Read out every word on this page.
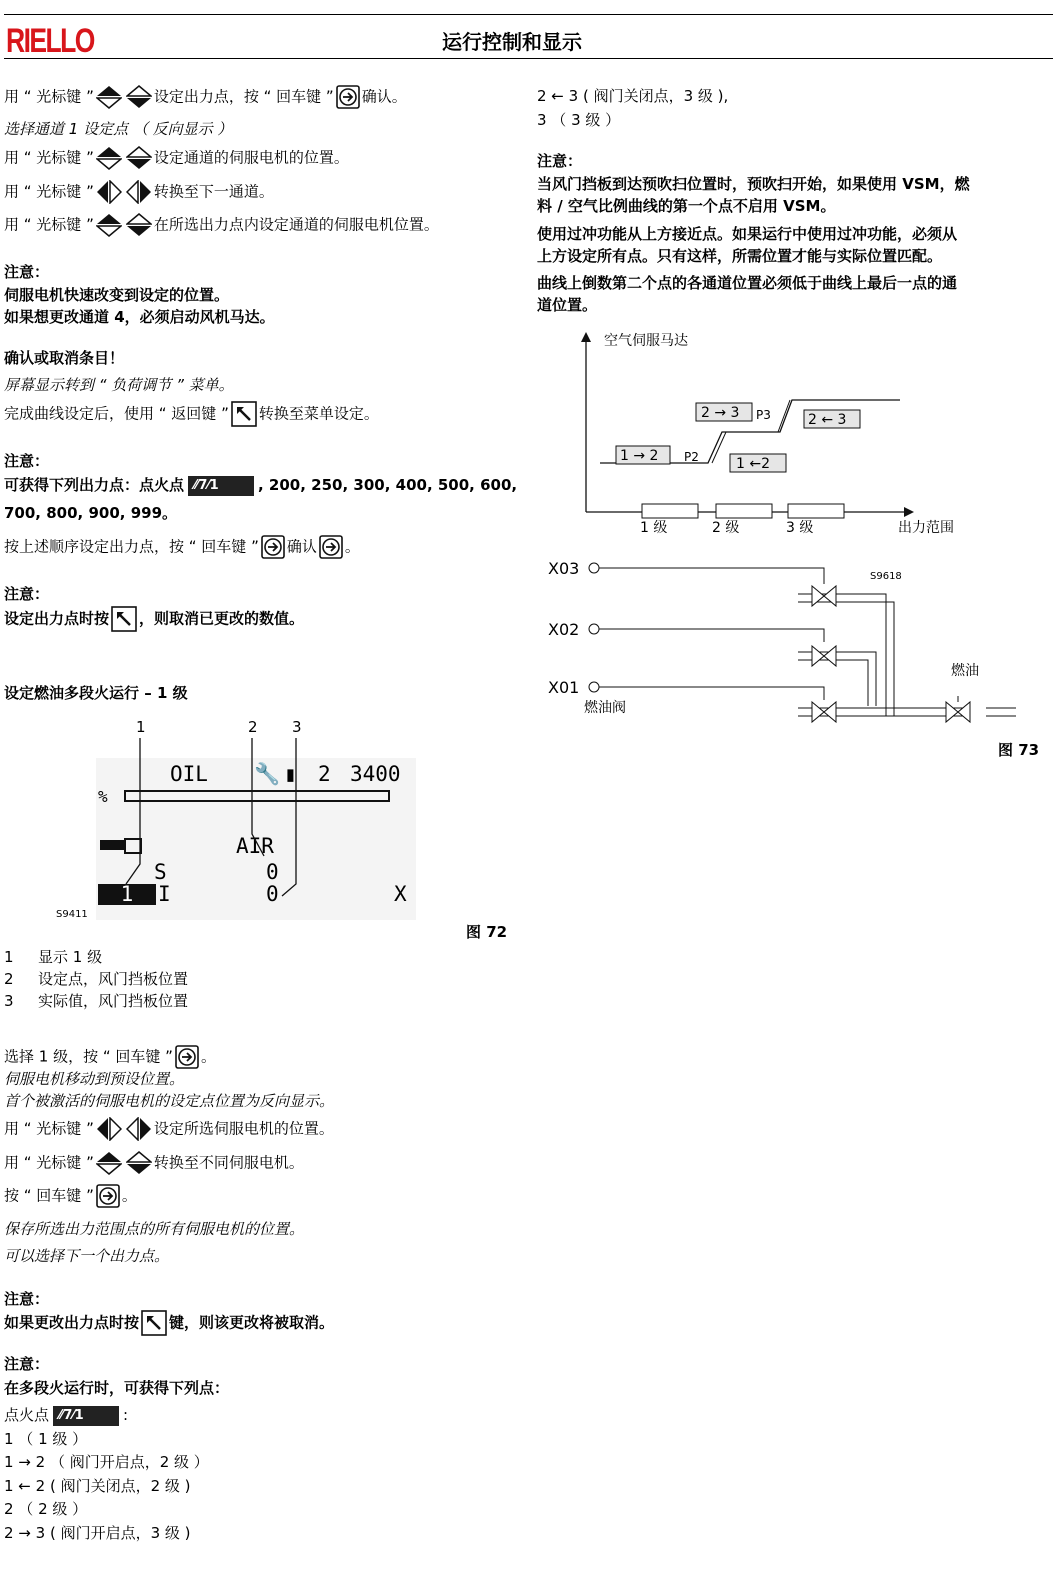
RIELLO	运行控制和显示
用 “ 光标键 ”	设定出力点，按 “ 回车键 ” 确认。
选择通道 1 设定点 （ 反向显示 ）
用 “ 光标键 ”	设定通道的伺服电机的位置。
用 “ 光标键 ”	转换至下一通道。
用 “ 光标键 ”	在所选出力点内设定通道的伺服电机位置。
注意：
伺服电机快速改变到设定的位置。
如果想更改通道 4，必须启动风机马达。
确认或取消条目！
屏幕显示转到 “ 负荷调节 ” 菜单。
完成曲线设定后，使用 “ 返回键 ” 转换至菜单设定。
注意：
可获得下列出力点：点火点 ⁄⁄7⁄1	, 200, 250, 300, 400, 500, 600,
700, 800, 900, 999。
按上述顺序设定出力点，按 “ 回车键 ” 确认 。
注意：
设定出力点时按 ，则取消已更改的数值。
设定燃油多段火运行 – 1 级
1	2 3
OIL 🔧 ▮ 2 3400
%
AIR
S	0
1	I	0	X
S9411
图 72
1 显示 1 级
2 设定点，风门挡板位置
3 实际值，风门挡板位置
选择 1 级，按 “ 回车键 ” 。
伺服电机移动到预设位置。
首个被激活的伺服电机的设定点位置为反向显示。
用 “ 光标键 ”	设定所选伺服电机的位置。
用 “ 光标键 ”	转换至不同伺服电机。
按 “ 回车键 ” 。
保存所选出力范围点的所有伺服电机的位置。
可以选择下一个出力点。
注意：
如果更改出力点时按 键，则该更改将被取消。
注意：
在多段火运行时，可获得下列点：
点火点 ⁄⁄7⁄1	:
1 （ 1 级 ）
1 → 2 （ 阀门开启点，2 级 ）
1 ← 2 ( 阀门关闭点，2 级 )
2 （ 2 级 ）
2 → 3 ( 阀门开启点，3 级 )
2 ← 3 ( 阀门关闭点，3 级 ),
3 （ 3 级 ）
注意：
当风门挡板到达预吹扫位置时，预吹扫开始，如果使用 VSM，燃
料 / 空气比例曲线的第一个点不启用 VSM。
使用过冲功能从上方接近点。如果运行中使用过冲功能，必须从
上方设定所有点。只有这样，所需位置才能与实际位置匹配。
曲线上倒数第二个点的各通道位置必须低于曲线上最后一点的通
道位置。
空气伺服马达
出力范围
1 级	2 级	3 级
1 → 2	1 ←2
2 → 3	2 ← 3
P2
P3
X03
X02
X01
S9618
燃油
燃油阀
图 73
